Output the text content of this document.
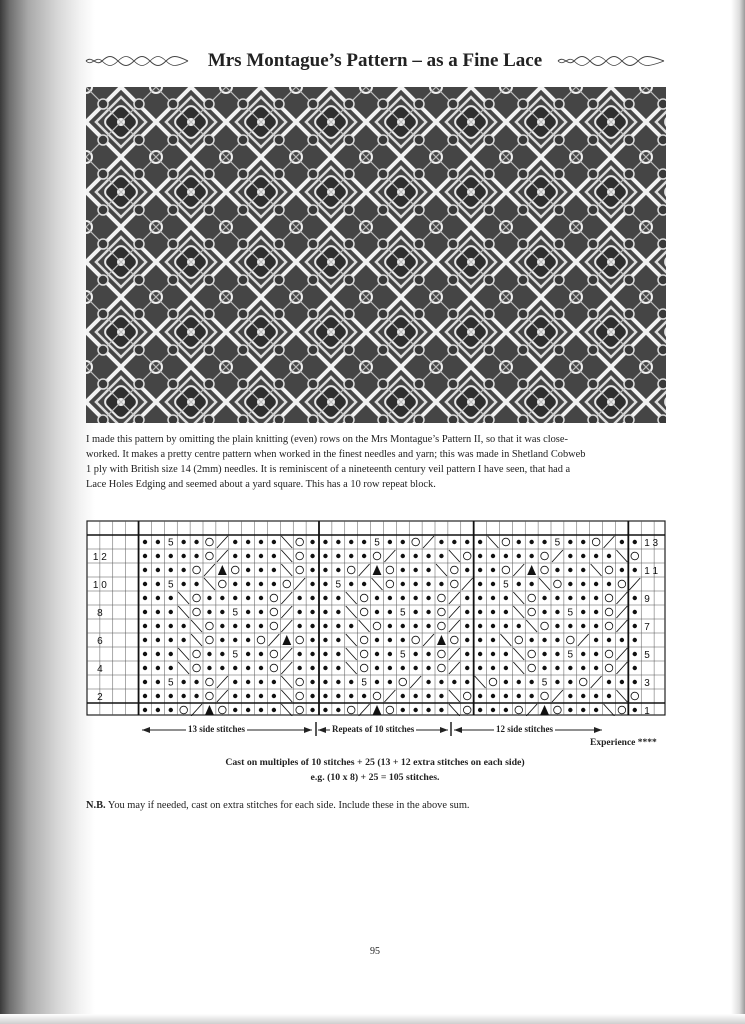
Mrs Montague’s Pattern – as a Fine Lace
I made this pattern by omitting the plain knitting (even) rows on the Mrs Montague’s Pattern II, so that it was close-
worked. It makes a pretty centre pattern when worked in the finest needles and yarn; this was made in Shetland Cobweb
1 ply with British size 14 (2mm) needles. It is reminiscent of a nineteenth century veil pattern I have seen, that had a
Lace Holes Edging and seemed about a yard square. This has a 10 row repeat block.
5	5	5
5	5	5
5	5	5
5	5	5
5	5	5
1 2
1 0
8
6
4
2
1 3
1 1
9
7
5
3
1
13 side stitches	Repeats of 10 stitches	12 side stitches
Experience ****
Cast on multiples of 10 stitches + 25 (13 + 12 extra stitches on each side)
e.g. (10 x 8) + 25 = 105 stitches.
N.B. You may if needed, cast on extra stitches for each side. Include these in the above sum.
95
